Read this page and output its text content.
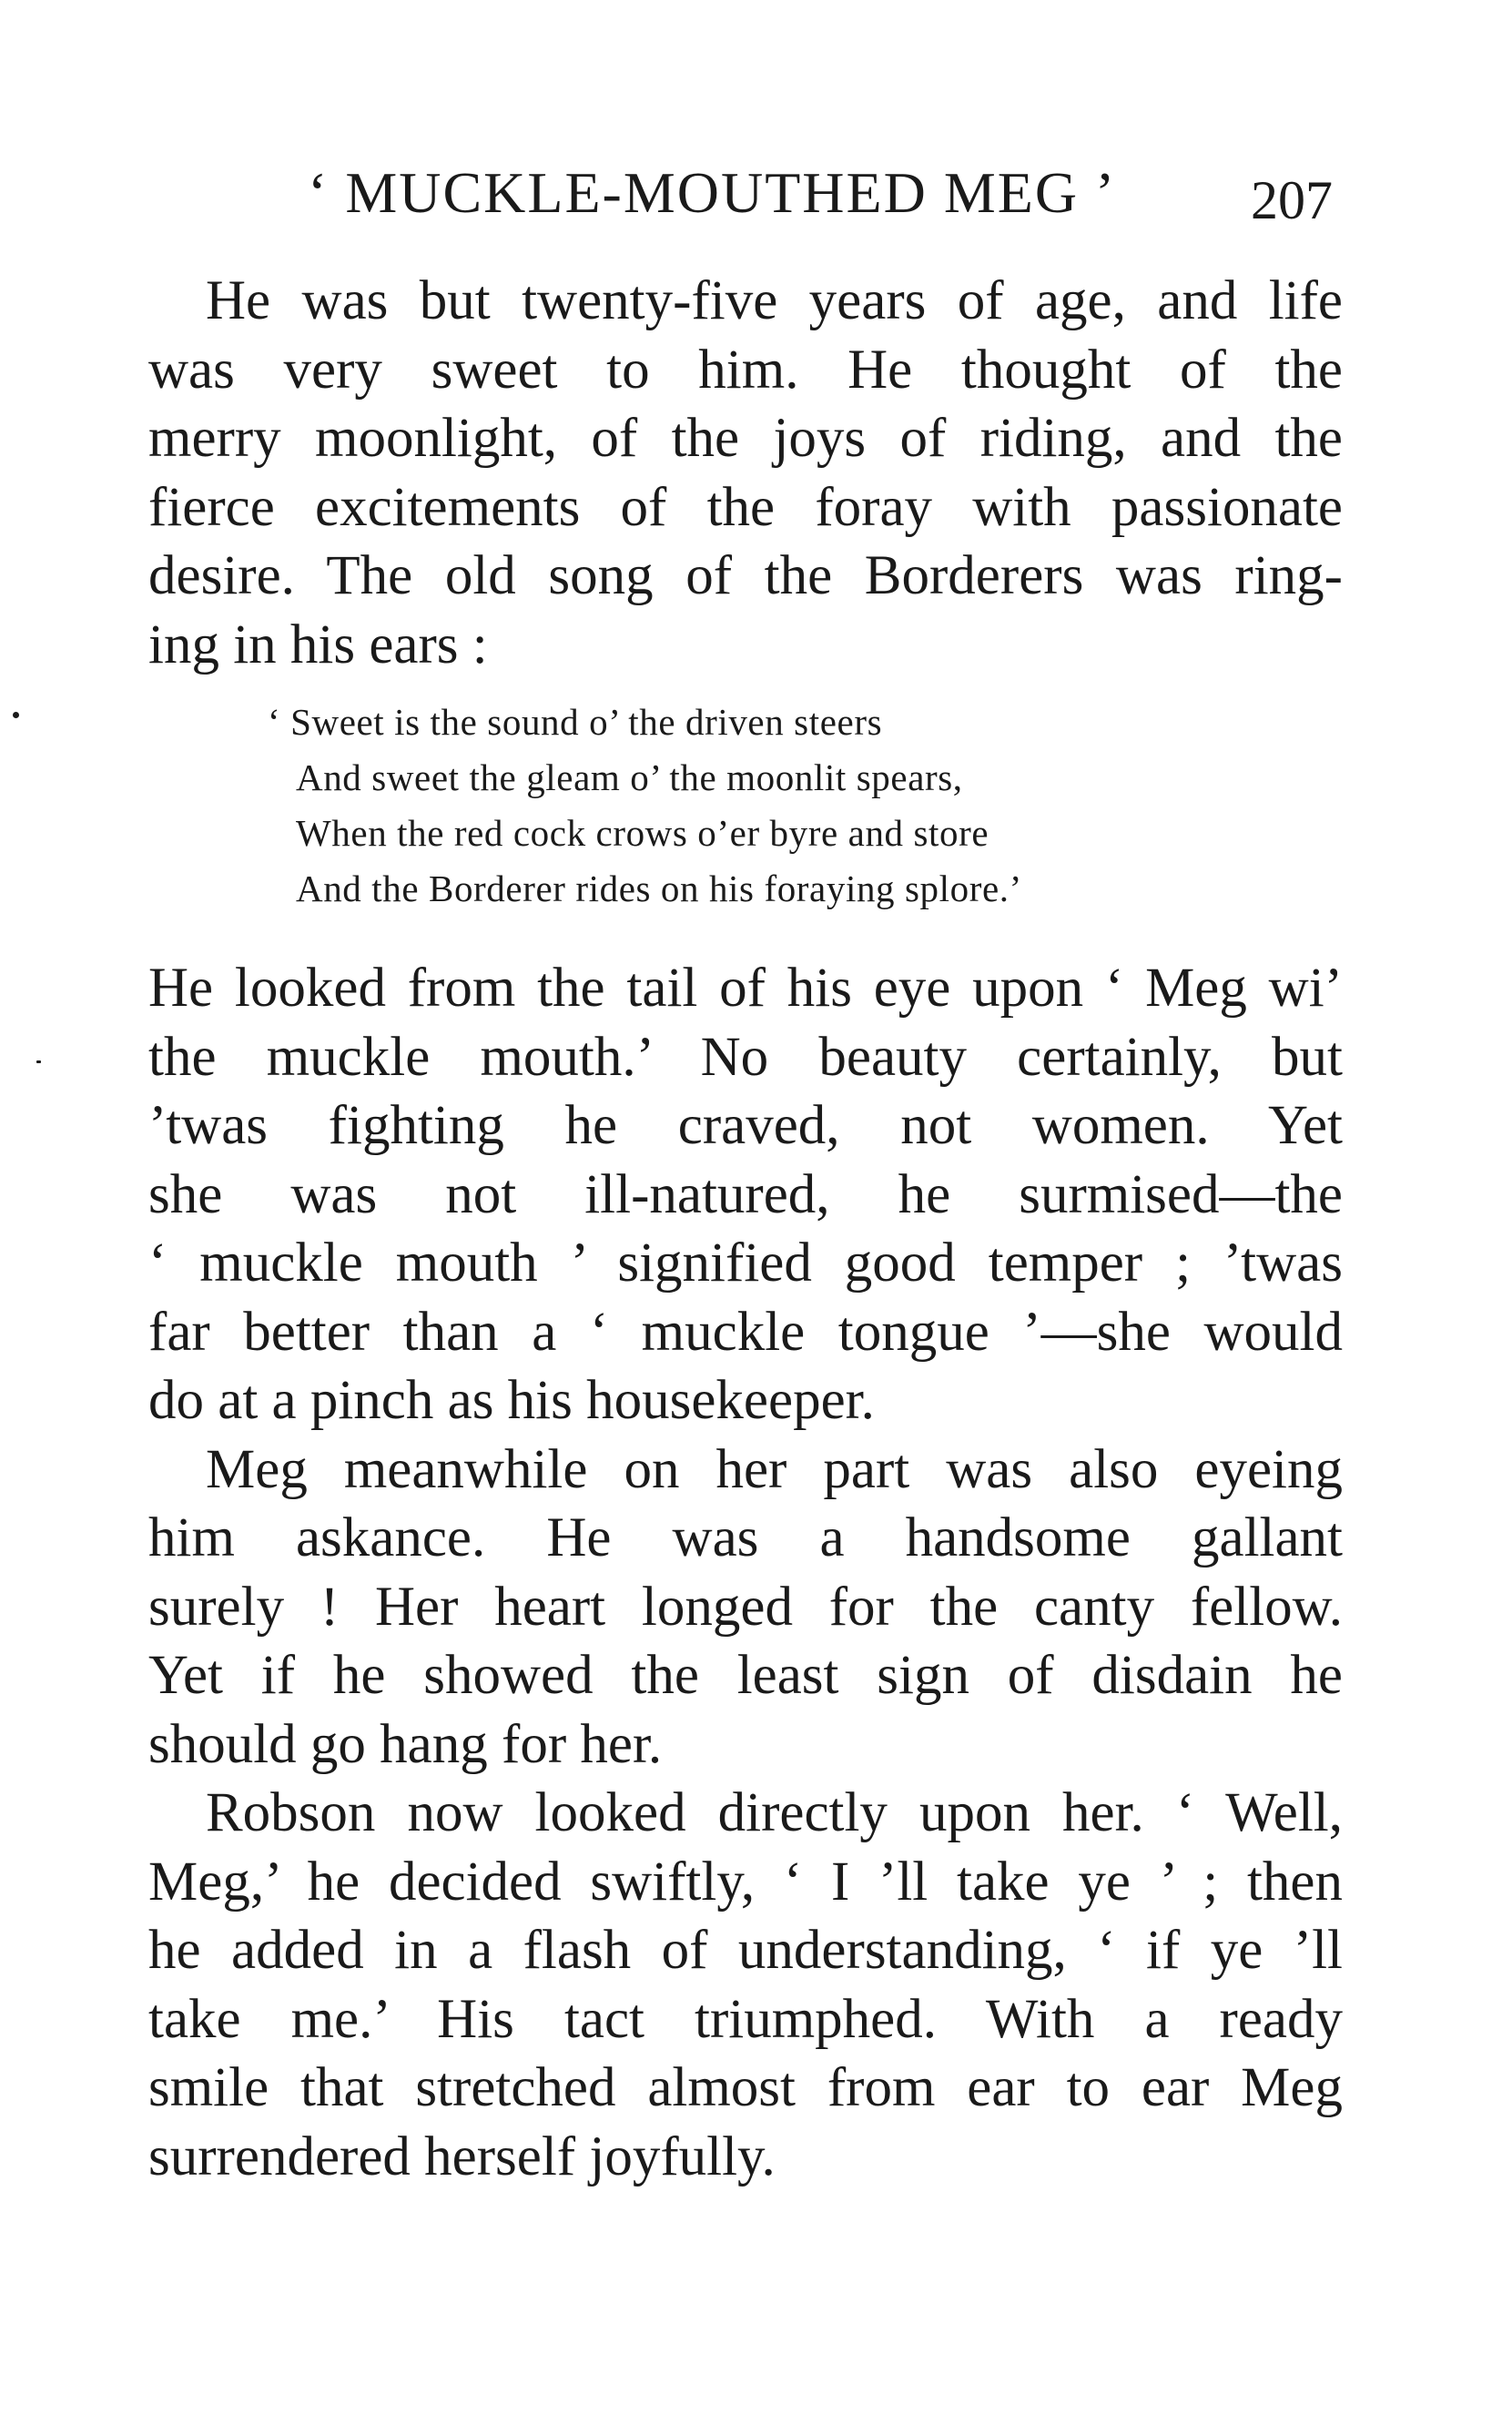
‘ MUCKLE-MOUTHED MEG ’ 207
He was but twenty-five years of age, and life
was very sweet to him. He thought of the
merry moonlight, of the joys of riding, and the
fierce excitements of the foray with passionate
desire. The old song of the Borderers was ring-
ing in his ears :
‘ Sweet is the sound o’ the driven steers
And sweet the gleam o’ the moonlit spears,
When the red cock crows o’er byre and store
And the Borderer rides on his foraying splore.’
He looked from the tail of his eye upon ‘ Meg wi’
the muckle mouth.’ No beauty certainly, but
’twas fighting he craved, not women. Yet
she was not ill-natured, he surmised—the
‘ muckle mouth ’ signified good temper ; ’twas
far better than a ‘ muckle tongue ’—she would
do at a pinch as his housekeeper.
Meg meanwhile on her part was also eyeing
him askance. He was a handsome gallant
surely ! Her heart longed for the canty fellow.
Yet if he showed the least sign of disdain he
should go hang for her.
Robson now looked directly upon her. ‘ Well,
Meg,’ he decided swiftly, ‘ I ’ll take ye ’ ; then
he added in a flash of understanding, ‘ if ye ’ll
take me.’ His tact triumphed. With a ready
smile that stretched almost from ear to ear Meg
surrendered herself joyfully.
